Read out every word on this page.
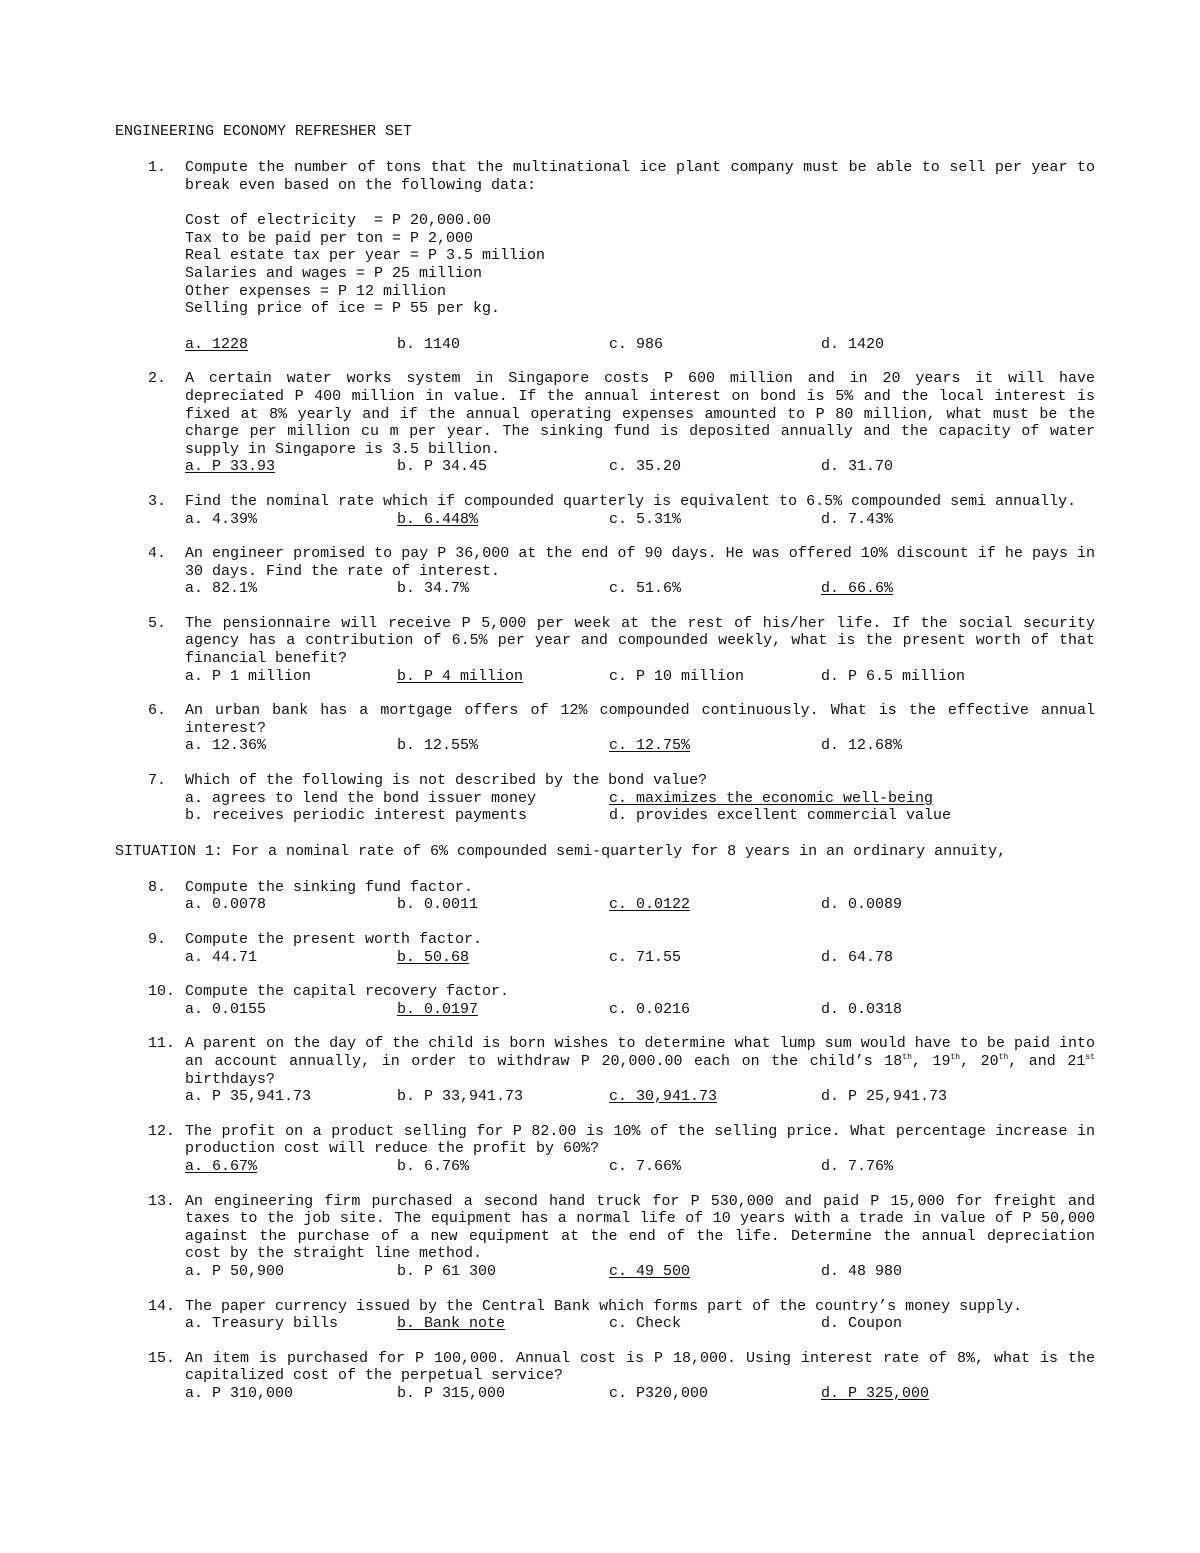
ENGINEERING ECONOMY REFRESHER SET
1. Compute the number of tons that the multinational ice plant company must be able to sell per year to break even based on the following data:
Cost of electricity  = P 20,000.00
Tax to be paid per ton = P 2,000
Real estate tax per year = P 3.5 million
Salaries and wages = P 25 million
Other expenses = P 12 million
Selling price of ice = P 55 per kg.
a. 1228	b. 1140	c. 986	d. 1420
2. A certain water works system in Singapore costs P 600 million and in 20 years it will have depreciated P 400 million in value. If the annual interest on bond is 5% and the local interest is fixed at 8% yearly and if the annual operating expenses amounted to P 80 million, what must be the charge per million cu m per year. The sinking fund is deposited annually and the capacity of water supply in Singapore is 3.5 billion.
a. P 33.93	b. P 34.45	c. 35.20	d. 31.70
3. Find the nominal rate which if compounded quarterly is equivalent to 6.5% compounded semi annually.
a. 4.39%	b. 6.448%	c. 5.31%	d. 7.43%
4. An engineer promised to pay P 36,000 at the end of 90 days. He was offered 10% discount if he pays in 30 days. Find the rate of interest.
a. 82.1%	b. 34.7%	c. 51.6%	d. 66.6%
5. The pensionnaire will receive P 5,000 per week at the rest of his/her life. If the social security agency has a contribution of 6.5% per year and compounded weekly, what is the present worth of that financial benefit?
a. P 1 million	b. P 4 million	c. P 10 million	d. P 6.5 million
6. An urban bank has a mortgage offers of 12% compounded continuously. What is the effective annual interest?
a. 12.36%	b. 12.55%	c. 12.75%	d. 12.68%
7. Which of the following is not described by the bond value?
a. agrees to lend the bond issuer money	c. maximizes the economic well-being
b. receives periodic interest payments	d. provides excellent commercial value
SITUATION 1: For a nominal rate of 6% compounded semi-quarterly for 8 years in an ordinary annuity,
8. Compute the sinking fund factor.
a. 0.0078	b. 0.0011	c. 0.0122	d. 0.0089
9. Compute the present worth factor.
a. 44.71	b. 50.68	c. 71.55	d. 64.78
10. Compute the capital recovery factor.
a. 0.0155	b. 0.0197	c. 0.0216	d. 0.0318
11. A parent on the day of the child is born wishes to determine what lump sum would have to be paid into an account annually, in order to withdraw P 20,000.00 each on the child’s 18th, 19th, 20th, and 21st birthdays?
a. P 35,941.73	b. P 33,941.73	c. 30,941.73	d. P 25,941.73
12. The profit on a product selling for P 82.00 is 10% of the selling price. What percentage increase in production cost will reduce the profit by 60%?
a. 6.67%	b. 6.76%	c. 7.66%	d. 7.76%
13. An engineering firm purchased a second hand truck for P 530,000 and paid P 15,000 for freight and taxes to the job site. The equipment has a normal life of 10 years with a trade in value of P 50,000 against the purchase of a new equipment at the end of the life. Determine the annual depreciation cost by the straight line method.
a. P 50,900	b. P 61 300	c. 49 500	d. 48 980
14. The paper currency issued by the Central Bank which forms part of the country’s money supply.
a. Treasury bills	b. Bank note	c. Check	d. Coupon
15. An item is purchased for P 100,000. Annual cost is P 18,000. Using interest rate of 8%, what is the capitalized cost of the perpetual service?
a. P 310,000	b. P 315,000	c. P320,000	d. P 325,000
